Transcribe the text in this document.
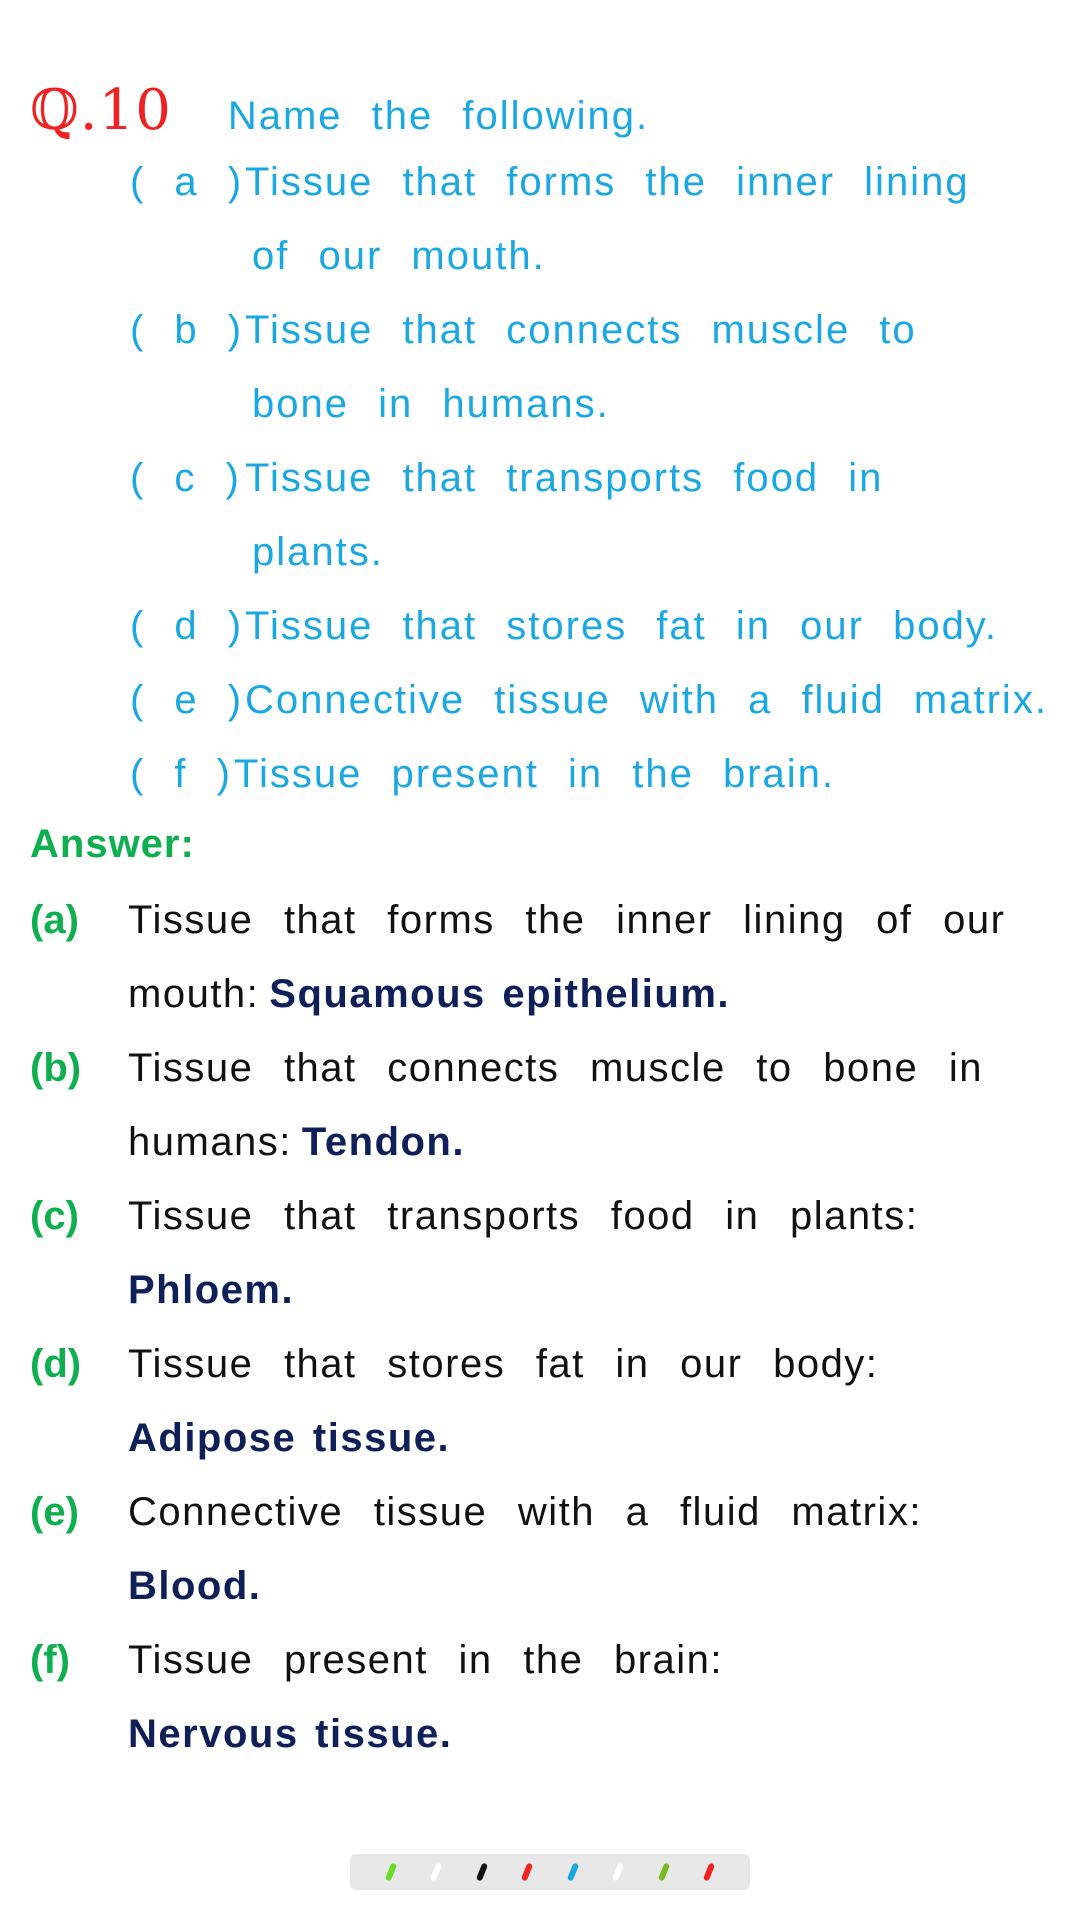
ℚ.10 Name the following.
( a )Tissue that forms the inner lining
of our mouth.
( b )Tissue that connects muscle to
bone in humans.
( c ) Tissue that transports food in
plants.
( d )Tissue that stores fat in our body.
( e )Connective tissue with a fluid matrix.
( f )Tissue present in the brain.
Answer:
(a) Tissue that forms the inner lining of our
mouth: Squamous epithelium.
(b) Tissue that connects muscle to bone in
humans: Tendon.
(c) Tissue that transports food in plants:
Phloem.
(d) Tissue that stores fat in our body:
Adipose tissue.
(e) Connective tissue with a fluid matrix:
Blood.
(f) Tissue present in the brain:
Nervous tissue.
